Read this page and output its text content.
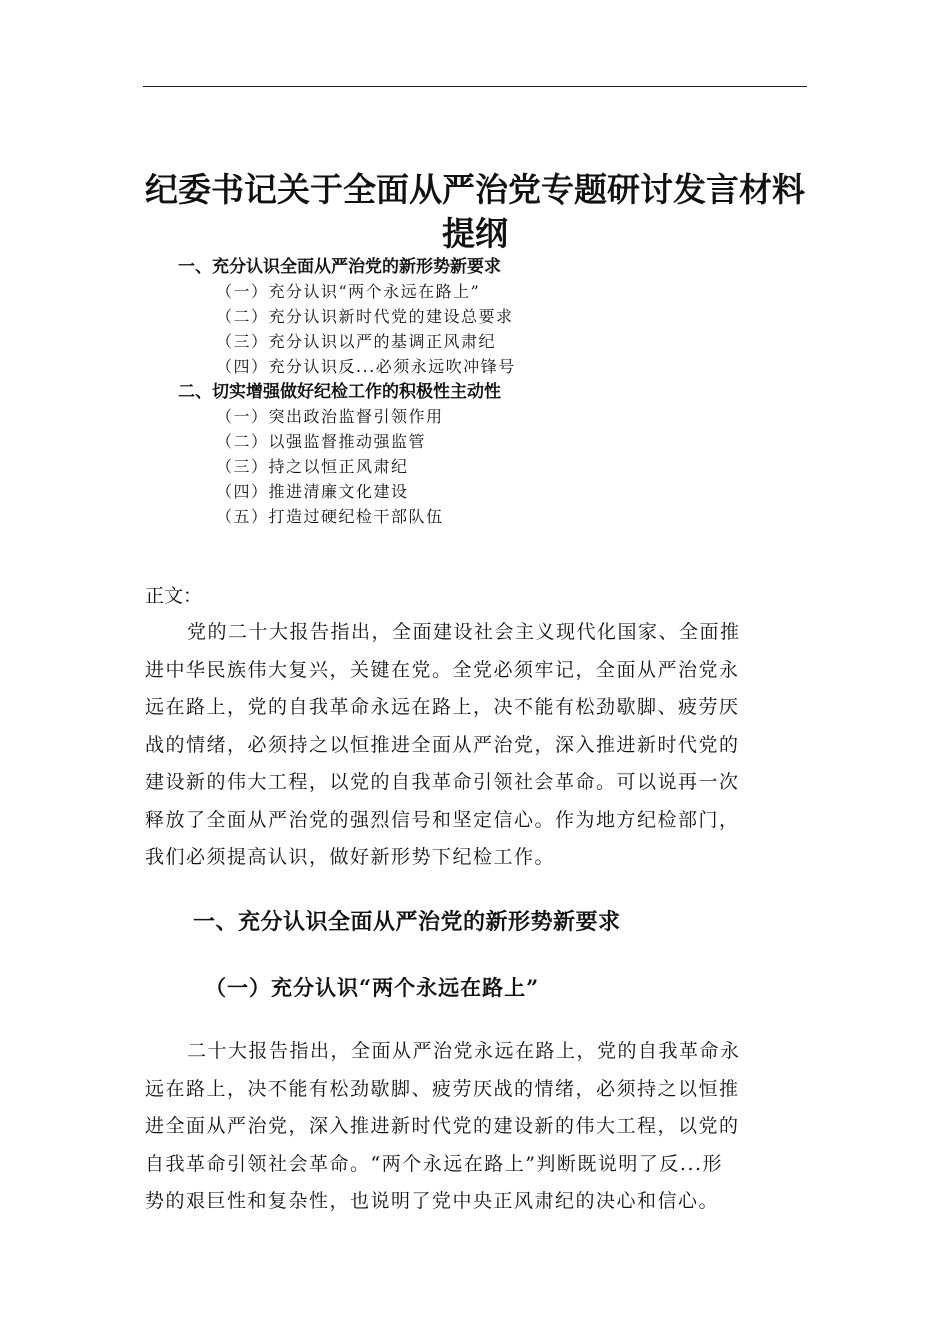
纪委书记关于全面从严治党专题研讨发言材料
提纲
一、充分认识全面从严治党的新形势新要求
（一）充分认识“两个永远在路上”
（二）充分认识新时代党的建设总要求
（三）充分认识以严的基调正风肃纪
（四）充分认识反...必须永远吹冲锋号
二、切实增强做好纪检工作的积极性主动性
（一）突出政治监督引领作用
（二）以强监督推动强监管
（三）持之以恒正风肃纪
（四）推进清廉文化建设
（五）打造过硬纪检干部队伍
正文：
党的二十大报告指出，全面建设社会主义现代化国家、全面推
进中华民族伟大复兴，关键在党。全党必须牢记，全面从严治党永
远在路上，党的自我革命永远在路上，决不能有松劲歇脚、疲劳厌
战的情绪，必须持之以恒推进全面从严治党，深入推进新时代党的
建设新的伟大工程，以党的自我革命引领社会革命。可以说再一次
释放了全面从严治党的强烈信号和坚定信心。作为地方纪检部门，
我们必须提高认识，做好新形势下纪检工作。
一、充分认识全面从严治党的新形势新要求
（一）充分认识“两个永远在路上”
二十大报告指出，全面从严治党永远在路上，党的自我革命永
远在路上，决不能有松劲歇脚、疲劳厌战的情绪，必须持之以恒推
进全面从严治党，深入推进新时代党的建设新的伟大工程，以党的
自我革命引领社会革命。“两个永远在路上”判断既说明了反...形
势的艰巨性和复杂性，也说明了党中央正风肃纪的决心和信心。
